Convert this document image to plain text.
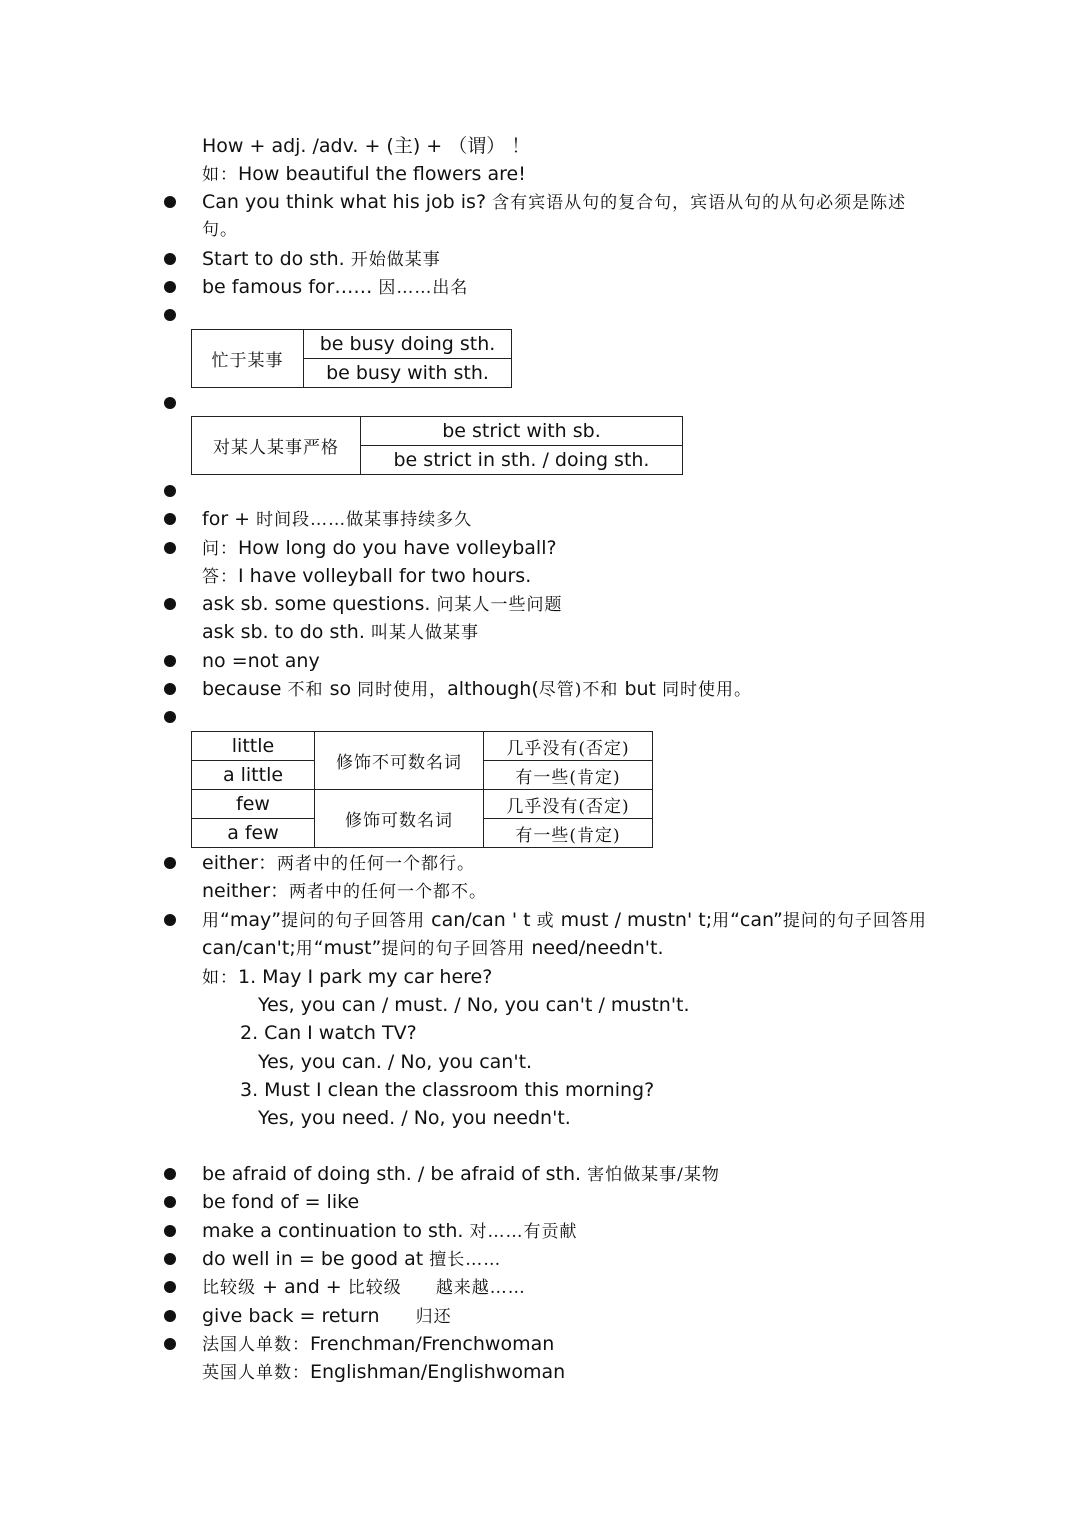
How + adj. /adv. + (主) + （谓） ！
如：How beautiful the flowers are!
Can you think what his job is? 含有宾语从句的复合句，宾语从句的从句必须是陈述
句。
Start to do sth. 开始做某事
be famous for…… 因……出名
忙于某事	be busy doing sth.
be busy with sth.
对某人某事严格	be strict with sb.
be strict in sth. / doing sth.
for + 时间段……做某事持续多久
问：How long do you have volleyball?
答：I have volleyball for two hours.
ask sb. some questions. 问某人一些问题
ask sb. to do sth. 叫某人做某事
no =not any
because 不和 so 同时使用，although(尽管)不和 but 同时使用。
little	修饰不可数名词	几乎没有(否定)
a little		有一些(肯定)
few	修饰可数名词	几乎没有(否定)
a few		有一些(肯定)
either：两者中的任何一个都行。
neither：两者中的任何一个都不。
用“may”提问的句子回答用 can/can ' t 或 must / mustn' t;用“can”提问的句子回答用
can/can't;用“must”提问的句子回答用 need/needn't.
如：1. May I park my car here?
Yes, you can / must. / No, you can't / mustn't.
2. Can I watch TV?
Yes, you can. / No, you can't.
3. Must I clean the classroom this morning?
Yes, you need. / No, you needn't.
be afraid of doing sth. / be afraid of sth. 害怕做某事/某物
be fond of = like
make a continuation to sth. 对……有贡献
do well in = be good at 擅长……
比较级 + and + 比较级 越来越……
give back = return 归还
法国人单数：Frenchman/Frenchwoman
英国人单数：Englishman/Englishwoman
